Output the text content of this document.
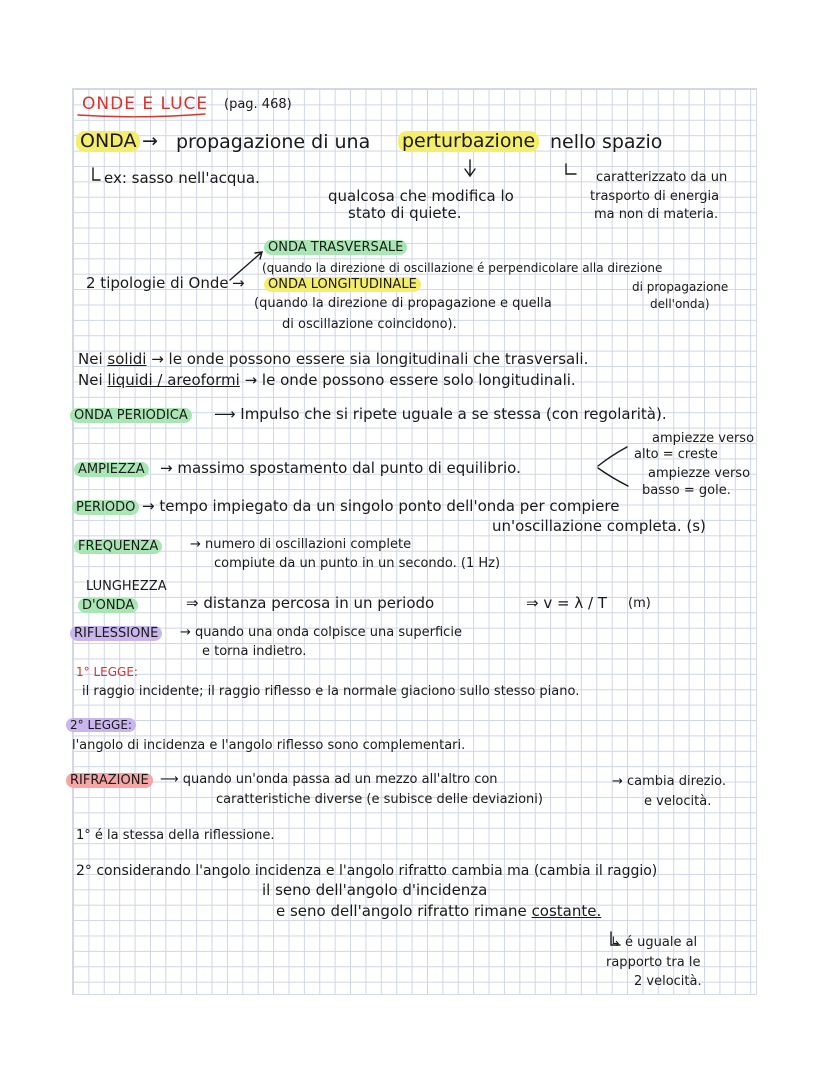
ONDE E LUCE (pag. 468)
ONDA → propagazione di una perturbazione nello spazio
ex: sasso nell'acqua.
qualcosa che modifica lo
stato di quiete.
caratterizzato da un
trasporto di energia
ma non di materia.
ONDA TRASVERSALE
(quando la direzione di oscillazione é perpendicolare alla direzione
di propagazione
dell'onda)
2 tipologie di Onde →	ONDA LONGITUDINALE
(quando la direzione di propagazione e quella
di oscillazione coincidono).
Nei solidi → le onde possono essere sia longitudinali che trasversali.
Nei liquidi / areoformi → le onde possono essere solo longitudinali.
ONDA PERIODICA ⟶ Impulso che si ripete uguale a se stessa (con regolarità).
AMPIEZZA → massimo spostamento dal punto di equilibrio.
ampiezze verso
alto = creste
ampiezze verso
basso = gole.
PERIODO → tempo impiegato da un singolo ponto dell'onda per compiere
un'oscillazione completa. (s)
FREQUENZA	→ numero di oscillazioni complete
compiute da un punto in un secondo. (1 Hz)
LUNGHEZZA
D'ONDA	⇒ distanza percosa in un periodo	⇒ v = λ / T (m)
RIFLESSIONE	→ quando una onda colpisce una superficie
e torna indietro.
1° LEGGE:
il raggio incidente; il raggio riflesso e la normale giaciono sullo stesso piano.
2° LEGGE:
l'angolo di incidenza e l'angolo riflesso sono complementari.
RIFRAZIONE ⟶ quando un'onda passa ad un mezzo all'altro con
caratteristiche diverse (e subisce delle deviazioni)
→ cambia direzio.
e velocità.
1° é la stessa della riflessione.
2° considerando l'angolo incidenza e l'angolo rifratto cambia ma (cambia il raggio)
il seno dell'angolo d'incidenza
e seno dell'angolo rifratto rimane costante.
↳ é uguale al
rapporto tra le
2 velocità.
